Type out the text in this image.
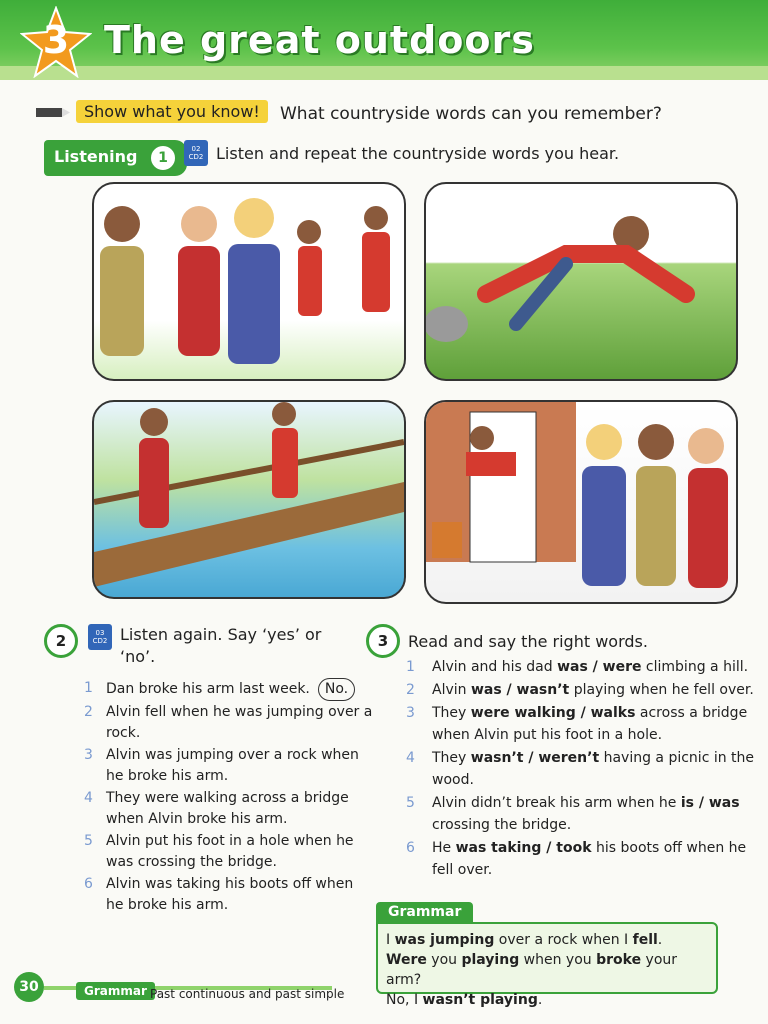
3 The great outdoors
Show what you know!	What countryside words can you remember?
Listening 1
02
CD2 Listen and repeat the countryside words you hear.
2	03
CD2 Listen again. Say ‘yes’ or ‘no’.
1 Dan broke his arm last week. No.
2 Alvin fell when he was jumping over a rock.
3 Alvin was jumping over a rock when he broke his arm.
4 They were walking across a bridge when Alvin broke his arm.
5 Alvin put his foot in a hole when he was crossing the bridge.
6 Alvin was taking his boots off when he broke his arm.
3	Read and say the right words.
1	Alvin and his dad was / were climbing a hill.
2	Alvin was / wasn’t playing when he fell over.
3	They were walking / walks across a bridge when Alvin put his foot in a hole.
4	They wasn’t / weren’t having a picnic in the wood.
5	Alvin didn’t break his arm when he is / was crossing the bridge.
6	He was taking / took his boots off when he fell over.
Grammar
I was jumping over a rock when I fell.
Were you playing when you broke your arm?
No, I wasn’t playing.
30	Grammar Past continuous and past simple
